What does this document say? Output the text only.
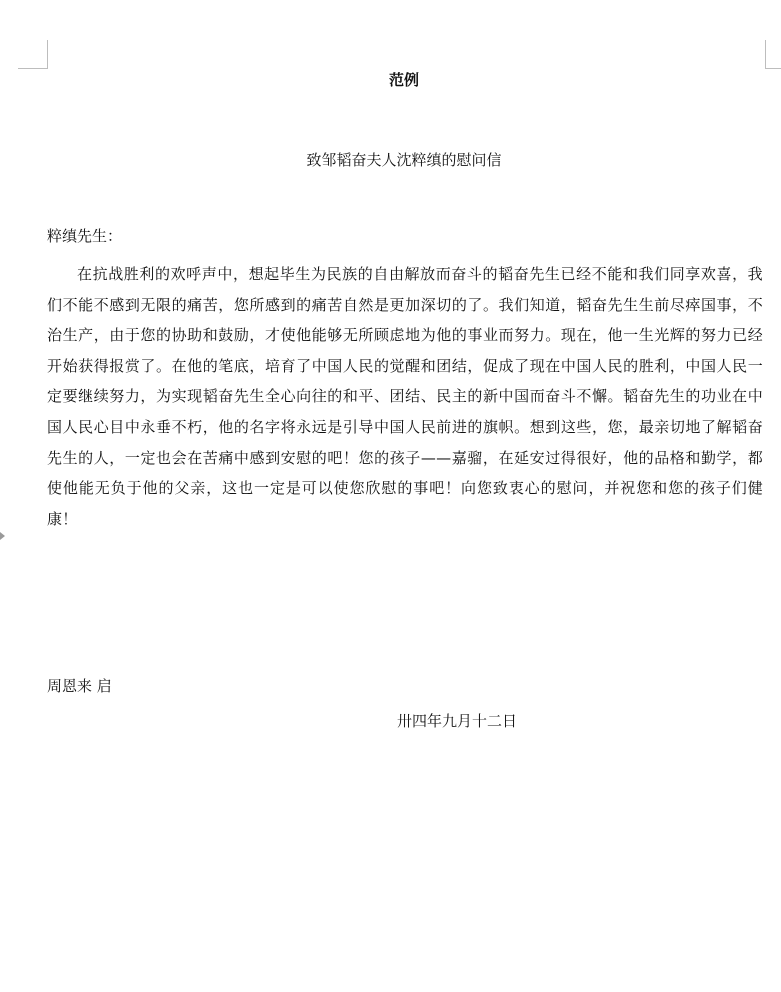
范例
致邹韬奋夫人沈粹缜的慰问信
粹缜先生：

在抗战胜利的欢呼声中，想起毕生为民族的自由解放而奋斗的韬奋先生已经不能和我们同享欢喜，我们不能不感到无限的痛苦，您所感到的痛苦自然是更加深切的了。我们知道，韬奋先生生前尽瘁国事，不治生产，由于您的协助和鼓励，才使他能够无所顾虑地为他的事业而努力。现在，他一生光辉的努力已经开始获得报赏了。在他的笔底，培育了中国人民的觉醒和团结，促成了现在中国人民的胜利，中国人民一定要继续努力，为实现韬奋先生全心向往的和平、团结、民主的新中国而奋斗不懈。韬奋先生的功业在中国人民心目中永垂不朽，他的名字将永远是引导中国人民前进的旗帜。想到这些，您，最亲切地了解韬奋先生的人，一定也会在苦痛中感到安慰的吧！您的孩子——嘉骝，在延安过得很好，他的品格和勤学，都使他能无负于他的父亲，这也一定是可以使您欣慰的事吧！向您致衷心的慰问，并祝您和您的孩子们健康！

周恩来 启
卅四年九月十二日
